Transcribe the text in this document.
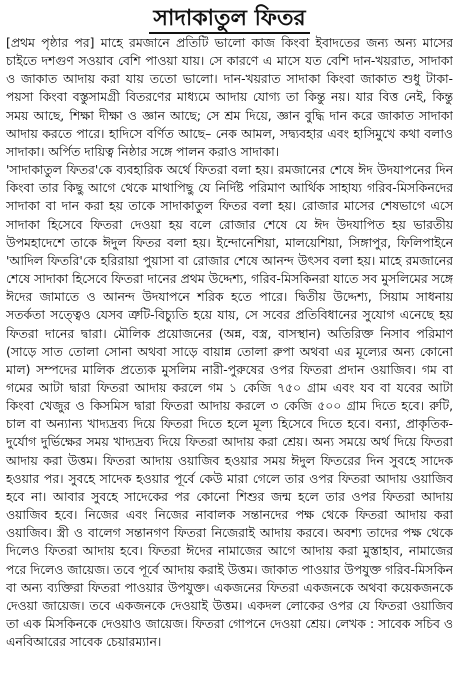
সাদাকাতুল ফিতর

[প্রথম পৃষ্ঠার পর] মাহে রমজানে প্রতিটি ভালো কাজ কিংবা ইবাদতের জন্য অন্য মাসের চাইতে দশগুণ সওয়াব বেশি পাওয়া যায়। সে কারণে এ মাসে যত বেশি দান-খয়রাত, সাদাকা ও জাকাত আদায় করা যায় ততো ভালো। দান-খয়রাত সাদাকা কিংবা জাকাত শুধু টাকা-পয়সা কিংবা বস্তুসামগ্রী বিতরণের মাধ্যমে আদায় যোগ্য তা কিন্তু নয়। যার বিত্ত নেই, কিন্তু সময় আছে, শিক্ষা দীক্ষা ও জ্ঞান আছে; সে শ্রম দিয়ে, জ্ঞান বুদ্ধি দান করে জাকাত সাদাকা আদায় করতে পারে। হাদিসে বর্ণিত আছে– নেক আমল, সদ্ব্যবহার এবং হাসিমুখে কথা বলাও সাদাকা। অর্পিত দায়িত্ব নিষ্ঠার সঙ্গে পালন করাও সাদাকা।

'সাদাকাতুল ফিতর'কে ব্যবহারিক অর্থে ফিতরা বলা হয়। রমজানের শেষে ঈদ উদযাপনের দিন কিংবা তার কিছু আগে থেকে মাথাপিছু যে নির্দিষ্ট পরিমাণ আর্থিক সাহায্য গরিব-মিসকিনদের সাদাকা বা দান করা হয় তাকে সাদাকাতুল ফিতর বলা হয়। রোজার মাসের শেষভাগে এসে সাদাকা হিসেবে ফিতরা দেওয়া হয় বলে রোজার শেষে যে ঈদ উদযাপিত হয় ভারতীয় উপমহাদেশে তাকে ঈদুল ফিতর বলা হয়। ইন্দোনেশিয়া, মালয়েশিয়া, সিঙ্গাপুর, ফিলিপাইনে 'আদিল ফিতরি'কে হরিরায়া পুয়াসা বা রোজার শেষে আনন্দ উৎসব বলা হয়। মাহে রমজানের শেষে সাদাকা হিসেবে ফিতরা দানের প্রথম উদ্দেশ্য, গরিব-মিসকিনরা যাতে সব মুসলিমের সঙ্গে ঈদের জামাতে ও আনন্দ উদযাপনে শরিক হতে পারে। দ্বিতীয় উদ্দেশ্য, সিয়াম সাধনায় সতর্কতা সত্ত্বেও যেসব ত্রুটি-বিচ্যুতি হয়ে যায়, সে সবের প্রতিবিধানের সুযোগ এনেছে হয় ফিতরা দানের দ্বারা। মৌলিক প্রয়োজনের (অন্ন, বস্ত্র, বাসস্থান) অতিরিক্ত নিসাব পরিমাণ (সাড়ে সাত তোলা সোনা অথবা সাড়ে বায়ান্ন তোলা রুপা অথবা এর মূল্যের অন্য কোনো মাল) সম্পদের মালিক প্রত্যেক মুসলিম নারী-পুরুষের ওপর ফিতরা প্রদান ওয়াজিব। গম বা গমের আটা দ্বারা ফিতরা আদায় করলে গম ১ কেজি ৭৫০ গ্রাম এবং যব বা যবের আটা কিংবা খেজুর ও কিসমিস দ্বারা ফিতরা আদায় করলে ৩ কেজি ৫০০ গ্রাম দিতে হবে। রুটি, চাল বা অন্যান্য খাদ্যদ্রব্য দিয়ে ফিতরা দিতে হলে মূল্য হিসেবে দিতে হবে। বন্যা, প্রাকৃতিক-দুর্যোগ দুর্ভিক্ষের সময় খাদ্যদ্রব্য দিয়ে ফিতরা আদায় করা শ্রেয়। অন্য সময়ে অর্থ দিয়ে ফিতরা আদায় করা উত্তম। ফিতরা আদায় ওয়াজিব হওয়ার সময় ঈদুল ফিতরের দিন সুবহে সাদেক হওয়ার পর। সুবহে সাদেক হওয়ার পূর্বে কেউ মারা গেলে তার ওপর ফিতরা আদায় ওয়াজিব হবে না। আবার সুবহে সাদেকের পর কোনো শিশুর জন্ম হলে তার ওপর ফিতরা আদায় ওয়াজিব হবে। নিজের এবং নিজের নাবালক সন্তানদের পক্ষ থেকে ফিতরা আদায় করা ওয়াজিব। স্ত্রী ও বালেগ সন্তানগণ ফিতরা নিজেরাই আদায় করবে। অবশ্য তাদের পক্ষ থেকে দিলেও ফিতরা আদায় হবে। ফিতরা ঈদের নামাজের আগে আদায় করা মুস্তাহাব, নামাজের পরে দিলেও জায়েজ। তবে পূর্বে আদায় করাই উত্তম। জাকাত পাওয়ার উপযুক্ত গরিব-মিসকিন বা অন্য ব্যক্তিরা ফিতরা পাওয়ার উপযুক্ত। একজনের ফিতরা একজনকে অথবা কয়েকজনকে দেওয়া জায়েজ। তবে একজনকে দেওয়াই উত্তম। একদল লোকের ওপর যে ফিতরা ওয়াজিব তা এক মিসকিনকে দেওয়াও জায়েজ। ফিতরা গোপনে দেওয়া শ্রেয়। লেখক : সাবেক সচিব ও এনবিআরের সাবেক চেয়ারম্যান।
